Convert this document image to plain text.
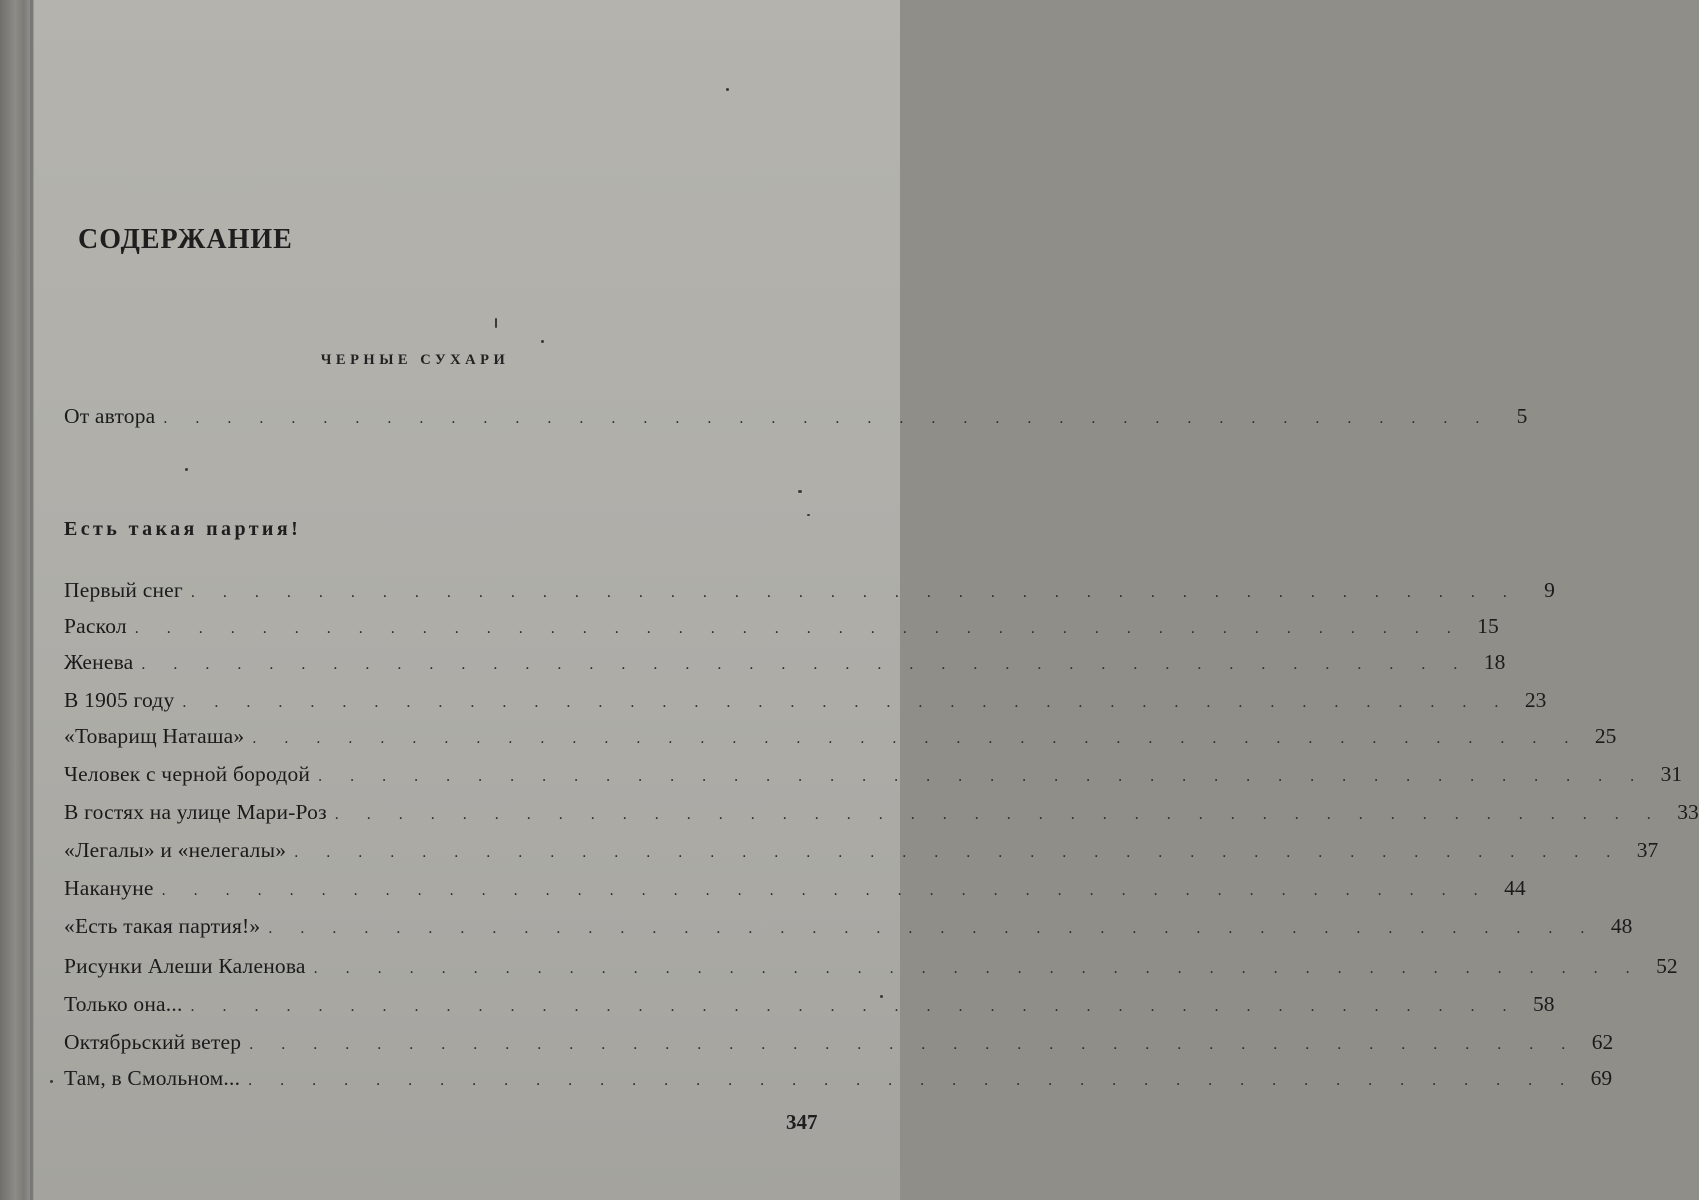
СОДЕРЖАНИЕ
ЧЕРНЫЕ СУХАРИ
От автора . . . . . . . . . . . . . . . . . . . . . . . . . . . . . . . . . . . . . . . . . .	5
Есть такая партия!
Первый снег . . . . . . . . . . . . . . . . . . . . . . . . . . . . . . . . . . . . . . . . . .	9
Раскол . . . . . . . . . . . . . . . . . . . . . . . . . . . . . . . . . . . . . . . . . . 15
Женева . . . . . . . . . . . . . . . . . . . . . . . . . . . . . . . . . . . . . . . . . . 18
В 1905 году . . . . . . . . . . . . . . . . . . . . . . . . . . . . . . . . . . . . . . . . . . 23
«Товарищ Наташа» . . . . . . . . . . . . . . . . . . . . . . . . . . . . . . . . . . . . . . . . . . 25
Человек с черной бородой . . . . . . . . . . . . . . . . . . . . . . . . . . . . . . . . . . . . . . . . . . 31
В гостях на улице Мари-Роз . . . . . . . . . . . . . . . . . . . . . . . . . . . . . . . . . . . . . . . . . . 33
«Легалы» и «нелегалы» . . . . . . . . . . . . . . . . . . . . . . . . . . . . . . . . . . . . . . . . . . 37
Накануне . . . . . . . . . . . . . . . . . . . . . . . . . . . . . . . . . . . . . . . . . . 44
«Есть такая партия!» . . . . . . . . . . . . . . . . . . . . . . . . . . . . . . . . . . . . . . . . . . 48
Рисунки Алеши Каленова . . . . . . . . . . . . . . . . . . . . . . . . . . . . . . . . . . . . . . . . . . 52
Только она... . . . . . . . . . . . . . . . . . . . . . . . . . . . . . . . . . . . . . . . . . . 58
Октябрьский ветер . . . . . . . . . . . . . . . . . . . . . . . . . . . . . . . . . . . . . . . . . . 62
Там, в Смольном... . . . . . . . . . . . . . . . . . . . . . . . . . . . . . . . . . . . . . . . . . . 69
347
